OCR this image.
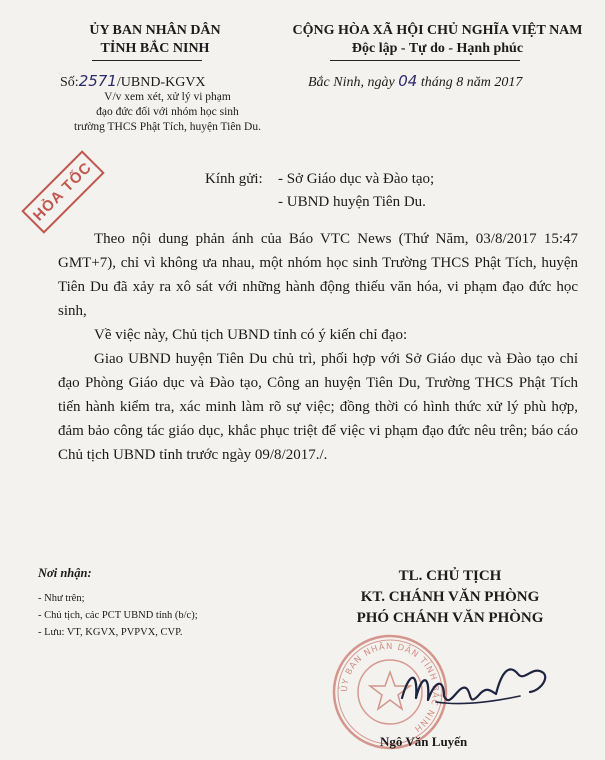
ỦY BAN NHÂN DÂN
TỈNH BẮC NINH
CỘNG HÒA XÃ HỘI CHỦ NGHĨA VIỆT NAM
Độc lập - Tự do - Hạnh phúc
Số:2571/UBND-KGVX	Bắc Ninh, ngày 04 tháng 8 năm 2017
V/v xem xét, xử lý vi phạm
đạo đức đối với nhóm học sinh
trường THCS Phật Tích, huyện Tiên Du.
HỎA TỐC	Kính gửi: - Sở Giáo dục và Đào tạo;
- UBND huyện Tiên Du.

Theo nội dung phản ánh của Báo VTC News (Thứ Năm, 03/8/2017 15:47 GMT+7), chỉ vì không ưa nhau, một nhóm học sinh Trường THCS Phật Tích, huyện Tiên Du đã xảy ra xô sát với những hành động thiếu văn hóa, vi phạm đạo đức học sinh,

Về việc này, Chủ tịch UBND tỉnh có ý kiến chỉ đạo:

Giao UBND huyện Tiên Du chủ trì, phối hợp với Sở Giáo dục và Đào tạo chỉ đạo Phòng Giáo dục và Đào tạo, Công an huyện Tiên Du, Trường THCS Phật Tích tiến hành kiểm tra, xác minh làm rõ sự việc; đồng thời có hình thức xử lý phù hợp, đảm bảo công tác giáo dục, khắc phục triệt để việc vi phạm đạo đức nêu trên; báo cáo Chủ tịch UBND tỉnh trước ngày 09/8/2017./.

Nơi nhận:
- Như trên;
- Chủ tịch, các PCT UBND tỉnh (b/c);
- Lưu: VT, KGVX, PVPVX, CVP.
TL. CHỦ TỊCH
KT. CHÁNH VĂN PHÒNG
PHÓ CHÁNH VĂN PHÒNG
ỦY BAN NHÂN DÂN TỈNH BẮC NINH
Ngô Văn Luyến
